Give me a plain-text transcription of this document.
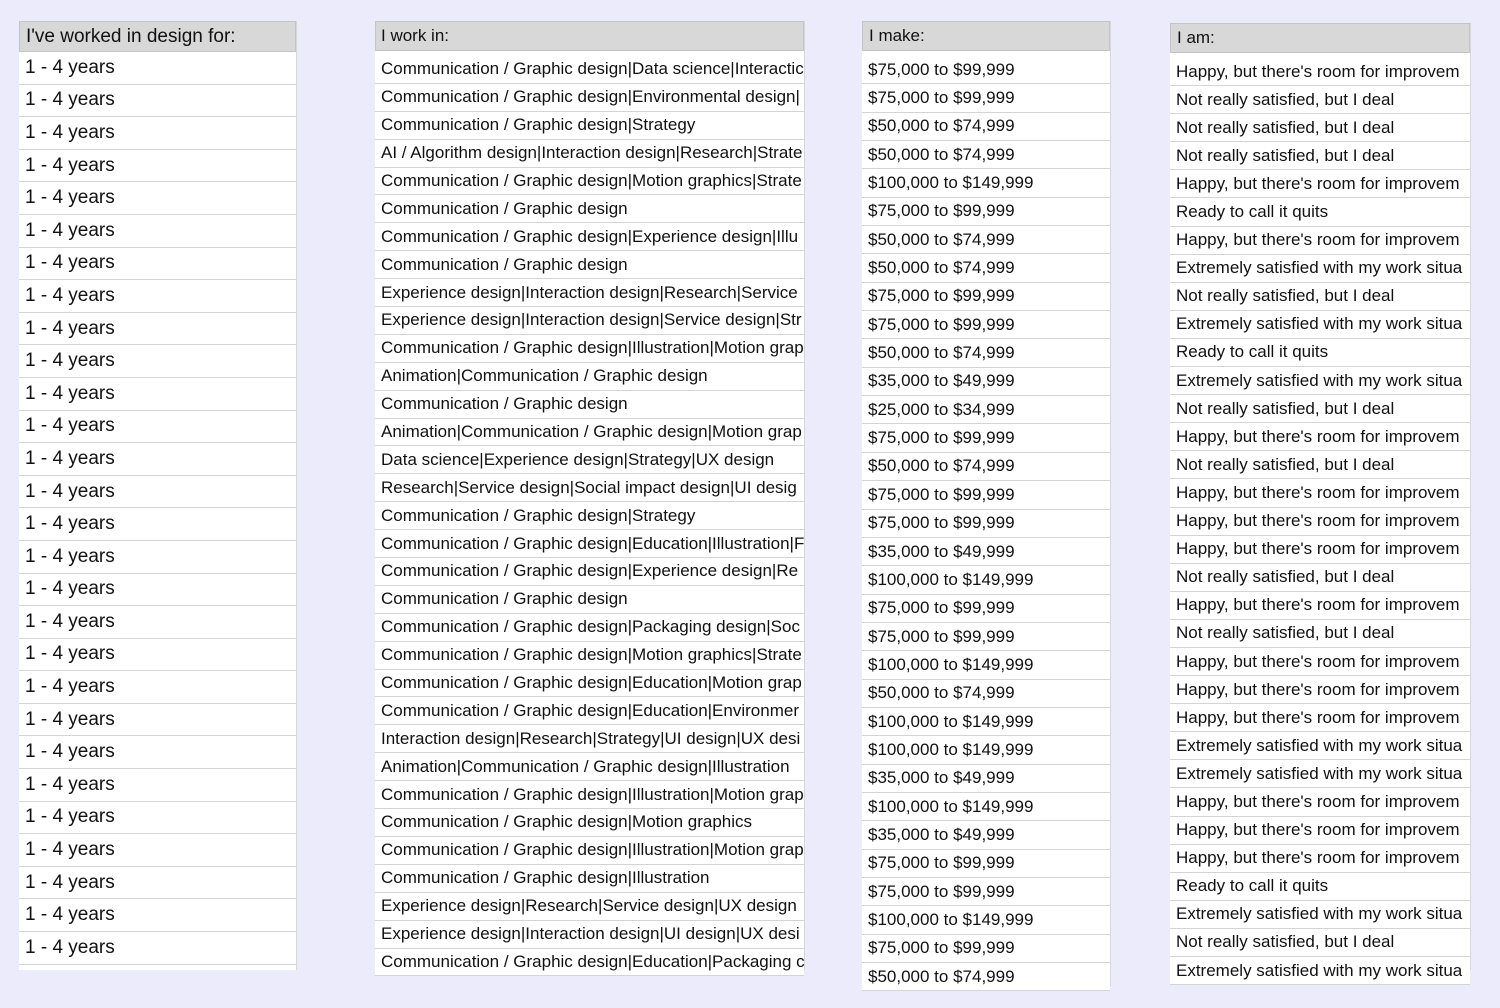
I've worked in design for:
1 - 4 years
1 - 4 years
1 - 4 years
1 - 4 years
1 - 4 years
1 - 4 years
1 - 4 years
1 - 4 years
1 - 4 years
1 - 4 years
1 - 4 years
1 - 4 years
1 - 4 years
1 - 4 years
1 - 4 years
1 - 4 years
1 - 4 years
1 - 4 years
1 - 4 years
1 - 4 years
1 - 4 years
1 - 4 years
1 - 4 years
1 - 4 years
1 - 4 years
1 - 4 years
1 - 4 years
1 - 4 years
I work in:
Communication / Graphic design|Data science|Interactic
Communication / Graphic design|Environmental design|
Communication / Graphic design|Strategy
AI / Algorithm design|Interaction design|Research|Strate
Communication / Graphic design|Motion graphics|Strate
Communication / Graphic design
Communication / Graphic design|Experience design|Illu
Communication / Graphic design
Experience design|Interaction design|Research|Service
Experience design|Interaction design|Service design|Str
Communication / Graphic design|Illustration|Motion grap
Animation|Communication / Graphic design
Communication / Graphic design
Animation|Communication / Graphic design|Motion grap
Data science|Experience design|Strategy|UX design
Research|Service design|Social impact design|UI desig
Communication / Graphic design|Strategy
Communication / Graphic design|Education|Illustration|F
Communication / Graphic design|Experience design|Re
Communication / Graphic design
Communication / Graphic design|Packaging design|Soc
Communication / Graphic design|Motion graphics|Strate
Communication / Graphic design|Education|Motion grap
Communication / Graphic design|Education|Environmer
Interaction design|Research|Strategy|UI design|UX desi
Animation|Communication / Graphic design|Illustration
Communication / Graphic design|Illustration|Motion grap
Communication / Graphic design|Motion graphics
Communication / Graphic design|Illustration|Motion grap
Communication / Graphic design|Illustration
Experience design|Research|Service design|UX design
Experience design|Interaction design|UI design|UX desi
Communication / Graphic design|Education|Packaging c
I make:
$75,000 to $99,999
$75,000 to $99,999
$50,000 to $74,999
$50,000 to $74,999
$100,000 to $149,999
$75,000 to $99,999
$50,000 to $74,999
$50,000 to $74,999
$75,000 to $99,999
$75,000 to $99,999
$50,000 to $74,999
$35,000 to $49,999
$25,000 to $34,999
$75,000 to $99,999
$50,000 to $74,999
$75,000 to $99,999
$75,000 to $99,999
$35,000 to $49,999
$100,000 to $149,999
$75,000 to $99,999
$75,000 to $99,999
$100,000 to $149,999
$50,000 to $74,999
$100,000 to $149,999
$100,000 to $149,999
$35,000 to $49,999
$100,000 to $149,999
$35,000 to $49,999
$75,000 to $99,999
$75,000 to $99,999
$100,000 to $149,999
$75,000 to $99,999
$50,000 to $74,999
I am:
Happy, but there's room for improvem
Not really satisfied, but I deal
Not really satisfied, but I deal
Not really satisfied, but I deal
Happy, but there's room for improvem
Ready to call it quits
Happy, but there's room for improvem
Extremely satisfied with my work situa
Not really satisfied, but I deal
Extremely satisfied with my work situa
Ready to call it quits
Extremely satisfied with my work situa
Not really satisfied, but I deal
Happy, but there's room for improvem
Not really satisfied, but I deal
Happy, but there's room for improvem
Happy, but there's room for improvem
Happy, but there's room for improvem
Not really satisfied, but I deal
Happy, but there's room for improvem
Not really satisfied, but I deal
Happy, but there's room for improvem
Happy, but there's room for improvem
Happy, but there's room for improvem
Extremely satisfied with my work situa
Extremely satisfied with my work situa
Happy, but there's room for improvem
Happy, but there's room for improvem
Happy, but there's room for improvem
Ready to call it quits
Extremely satisfied with my work situa
Not really satisfied, but I deal
Extremely satisfied with my work situa
